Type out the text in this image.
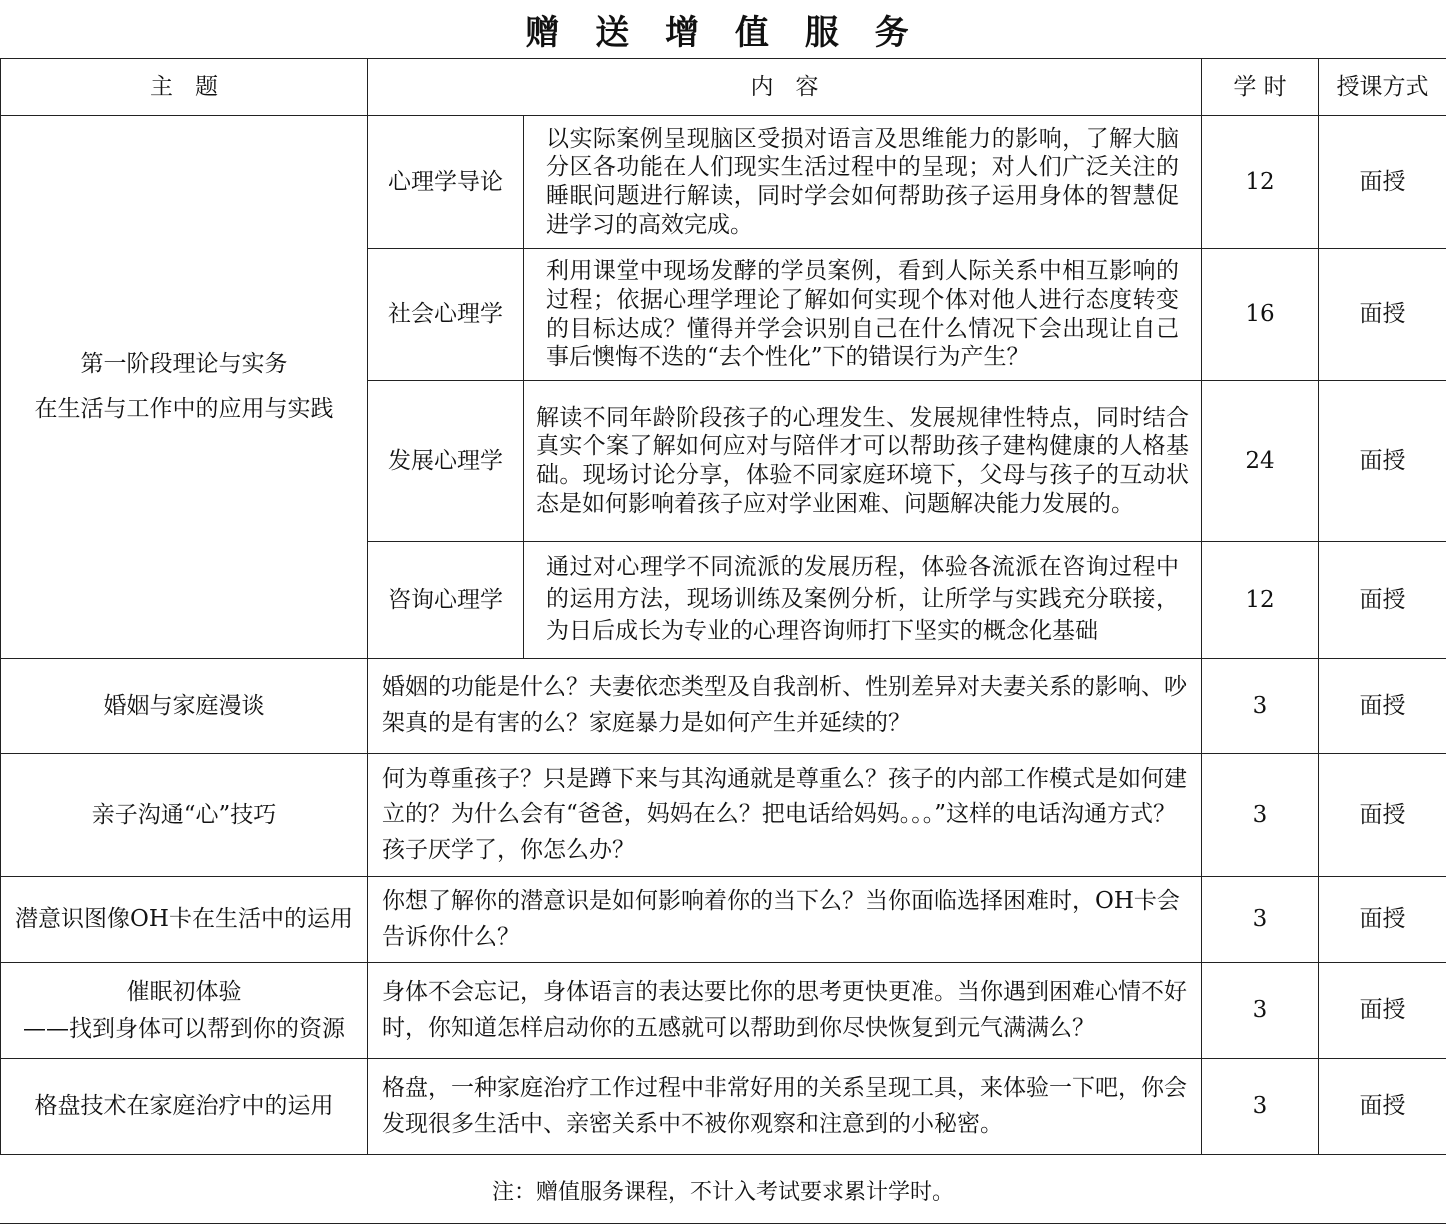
赠 送 增 值 服 务
主   题	内   容		学 时	授课方式

第一阶段理论与实务
在生活与工作中的应用与实践	心理学导论	以实际案例呈现脑区受损对语言及思维能力的影响，了解大脑分区各功能在人们现实生活过程中的呈现；对人们广泛关注的睡眠问题进行解读，同时学会如何帮助孩子运用身体的智慧促进学习的高效完成。	12	面授
	社会心理学	利用课堂中现场发酵的学员案例，看到人际关系中相互影响的过程；依据心理学理论了解如何实现个体对他人进行态度转变的目标达成？懂得并学会识别自己在什么情况下会出现让自己事后懊悔不迭的“去个性化”下的错误行为产生？	16	面授
	发展心理学	解读不同年龄阶段孩子的心理发生、发展规律性特点，同时结合真实个案了解如何应对与陪伴才可以帮助孩子建构健康的人格基础。现场讨论分享，体验不同家庭环境下，父母与孩子的互动状态是如何影响着孩子应对学业困难、问题解决能力发展的。	24	面授
	咨询心理学	通过对心理学不同流派的发展历程，体验各流派在咨询过程中的运用方法，现场训练及案例分析，让所学与实践充分联接，为日后成长为专业的心理咨询师打下坚实的概念化基础	12	面授
婚姻与家庭漫谈	婚姻的功能是什么？夫妻依恋类型及自我剖析、性别差异对夫妻关系的影响、吵架真的是有害的么？家庭暴力是如何产生并延续的？		3	面授
亲子沟通“心”技巧	何为尊重孩子？只是蹲下来与其沟通就是尊重么？孩子的内部工作模式是如何建立的？为什么会有“爸爸，妈妈在么？把电话给妈妈。。。”这样的电话沟通方式？孩子厌学了，你怎么办？		3	面授
潜意识图像OH卡在生活中的运用	你想了解你的潜意识是如何影响着你的当下么？当你面临选择困难时，OH卡会告诉你什么？		3	面授

催眠初体验
——找到身体可以帮到你的资源	身体不会忘记，身体语言的表达要比你的思考更快更准。当你遇到困难心情不好时，你知道怎样启动你的五感就可以帮助到你尽快恢复到元气满满么？		3	面授
格盘技术在家庭治疗中的运用	格盘，一种家庭治疗工作过程中非常好用的关系呈现工具，来体验一下吧，你会发现很多生活中、亲密关系中不被你观察和注意到的小秘密。		3	面授
注：赠值服务课程，不计入考试要求累计学时。
